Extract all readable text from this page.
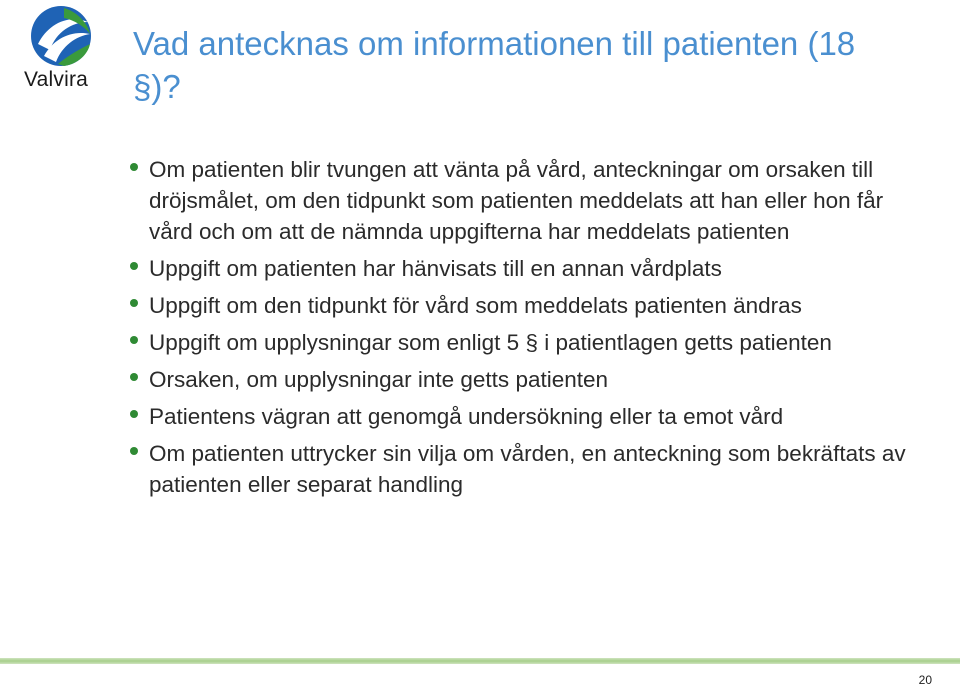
Valvira
Vad antecknas om informationen till patienten (18 §)?
Om patienten blir tvungen att vänta på vård, anteckningar om orsaken till dröjsmålet, om den tidpunkt som patienten meddelats att han eller hon får vård och om att de nämnda uppgifterna har meddelats patienten
Uppgift om patienten har hänvisats till en annan vårdplats
Uppgift om den tidpunkt för vård som meddelats patienten ändras
Uppgift om upplysningar som enligt 5 § i patientlagen getts patienten
Orsaken, om upplysningar inte getts patienten
Patientens vägran att genomgå undersökning eller ta emot vård
Om patienten uttrycker sin vilja om vården, en anteckning som bekräftats av patienten eller separat handling
20
